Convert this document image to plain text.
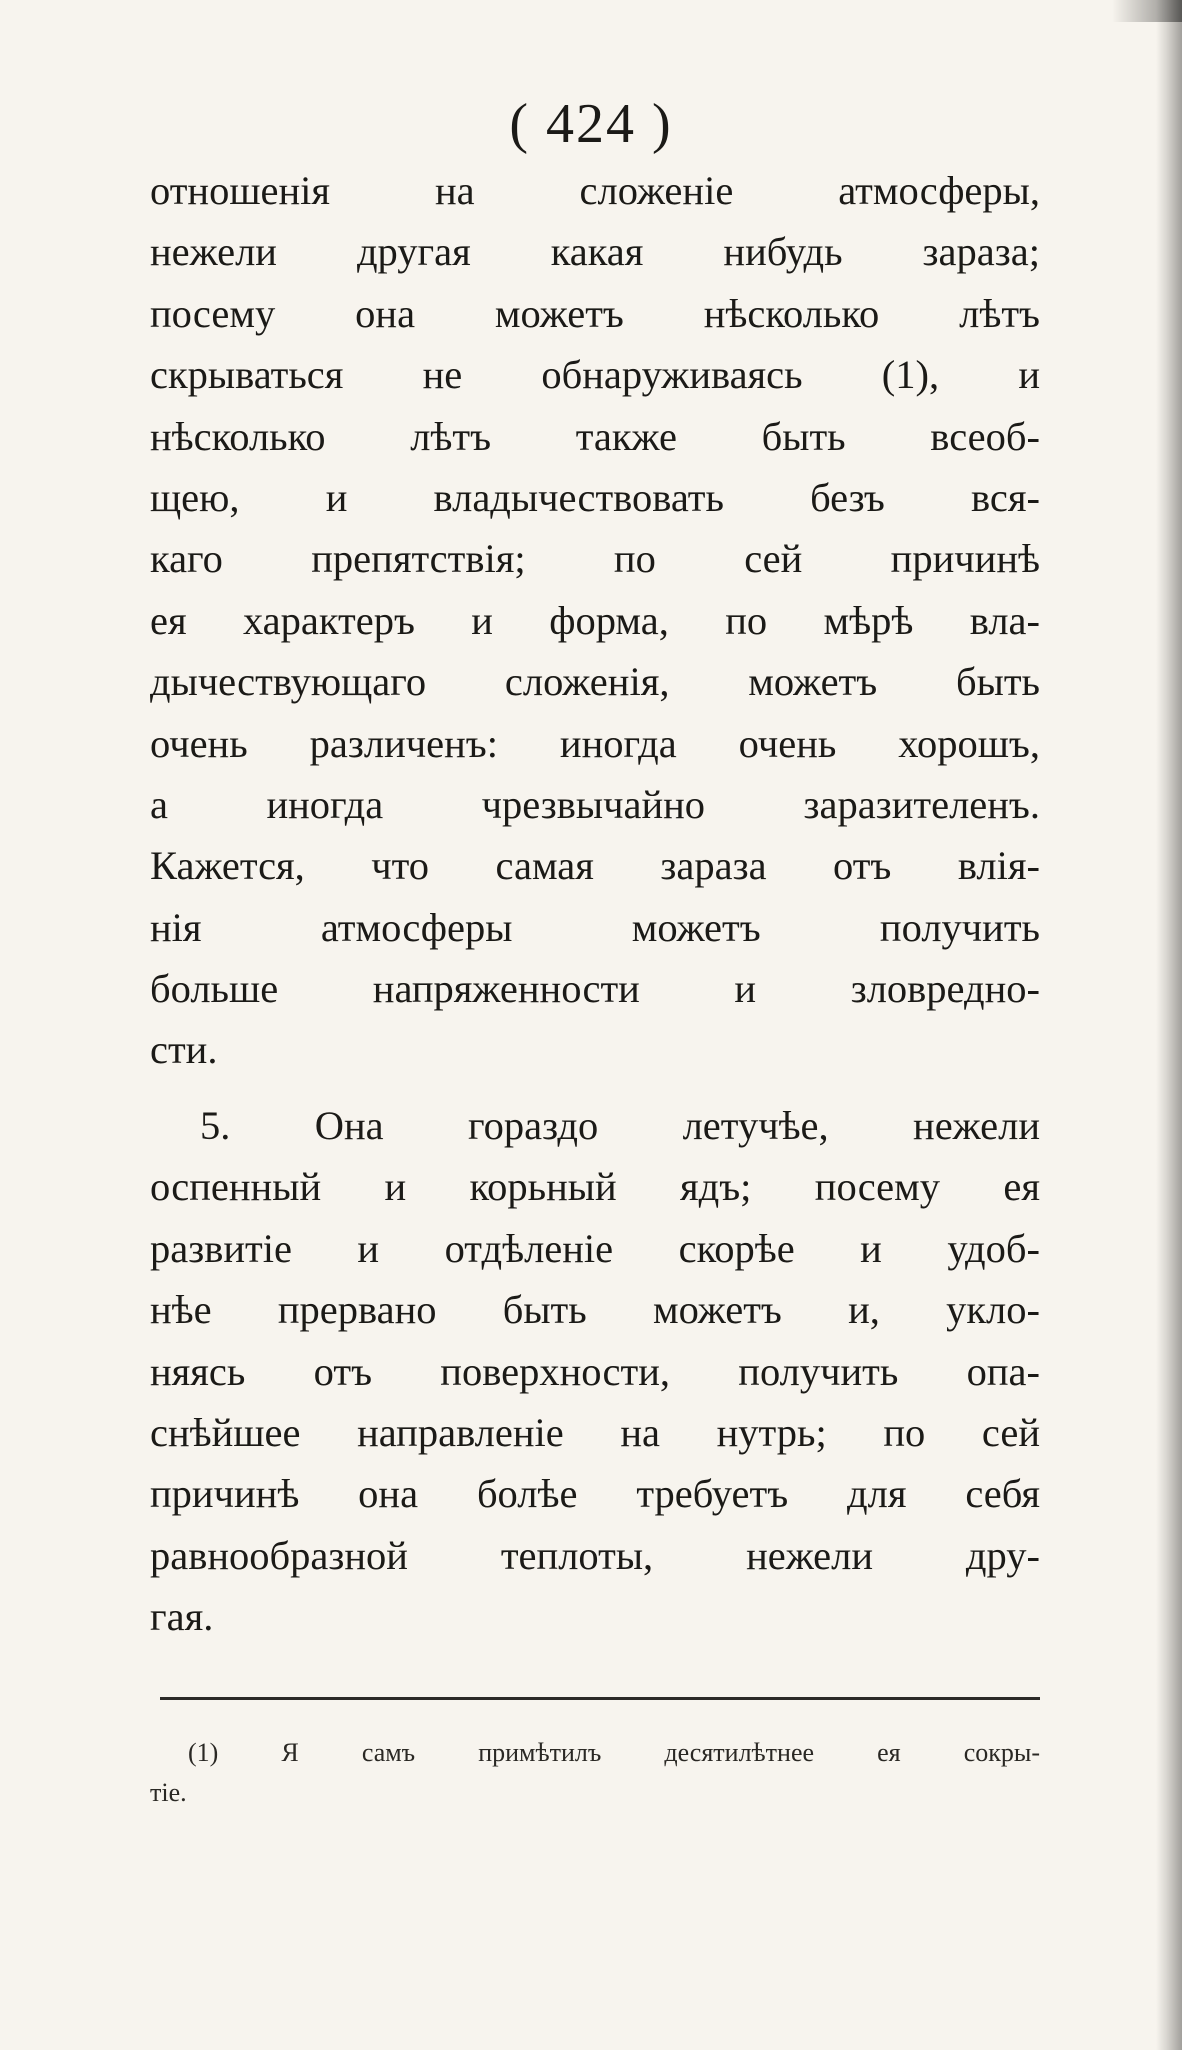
( 424 )
отношенія на сложеніе атмосферы,
нежели другая какая нибудь зараза;
посему она можетъ нѣсколько лѣтъ
скрываться не обнаруживаясь (1), и
нѣсколько лѣтъ также быть всеоб-
щею, и владычествовать безъ вся-
каго препятствія; по сей причинѣ
ея характеръ и форма, по мѣрѣ вла-
дычествующаго сложенія, можетъ быть
очень различенъ: иногда очень хорошъ,
а иногда чрезвычайно заразителенъ.
Кажется, что самая зараза отъ влія-
нія атмосферы можетъ получить
больше напряженности и зловредно-
сти.
5. Она гораздо летучѣе, нежели
оспенный и корьный ядъ; посему ея
развитіе и отдѣленіе скорѣе и удоб-
нѣе прервано быть можетъ и, укло-
няясь отъ поверхности, получить опа-
снѣйшее направленіе на нутрь; по сей
причинѣ она болѣе требуетъ для себя
равнообразной теплоты, нежели дру-
гая.
(1) Я самъ примѣтилъ десятилѣтнее ея сокры-
тіе.
